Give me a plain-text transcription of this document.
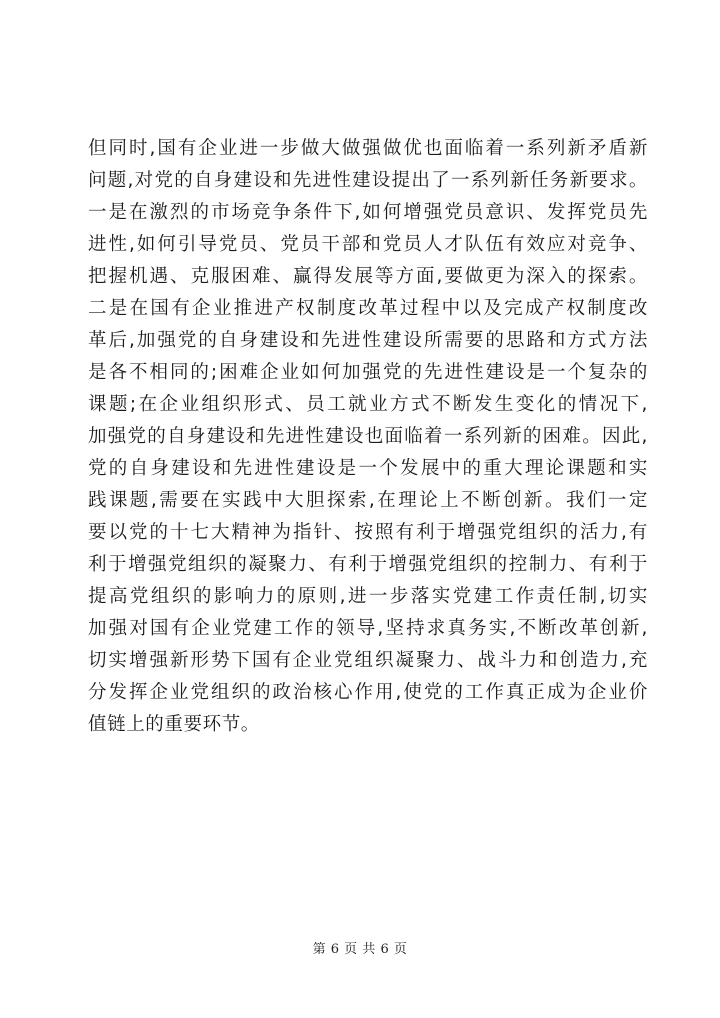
但同时,国有企业进一步做大做强做优也面临着一系列新矛盾新
问题,对党的自身建设和先进性建设提出了一系列新任务新要求。
一是在激烈的市场竞争条件下,如何增强党员意识、发挥党员先
进性,如何引导党员、党员干部和党员人才队伍有效应对竞争、
把握机遇、克服困难、赢得发展等方面,要做更为深入的探索。
二是在国有企业推进产权制度改革过程中以及完成产权制度改
革后,加强党的自身建设和先进性建设所需要的思路和方式方法
是各不相同的;困难企业如何加强党的先进性建设是一个复杂的
课题;在企业组织形式、员工就业方式不断发生变化的情况下,
加强党的自身建设和先进性建设也面临着一系列新的困难。因此,
党的自身建设和先进性建设是一个发展中的重大理论课题和实
践课题,需要在实践中大胆探索,在理论上不断创新。我们一定
要以党的十七大精神为指针、按照有利于增强党组织的活力,有
利于增强党组织的凝聚力、有利于增强党组织的控制力、有利于
提高党组织的影响力的原则,进一步落实党建工作责任制,切实
加强对国有企业党建工作的领导,坚持求真务实,不断改革创新,
切实增强新形势下国有企业党组织凝聚力、战斗力和创造力,充
分发挥企业党组织的政治核心作用,使党的工作真正成为企业价
值链上的重要环节。
第 6 页 共 6 页
